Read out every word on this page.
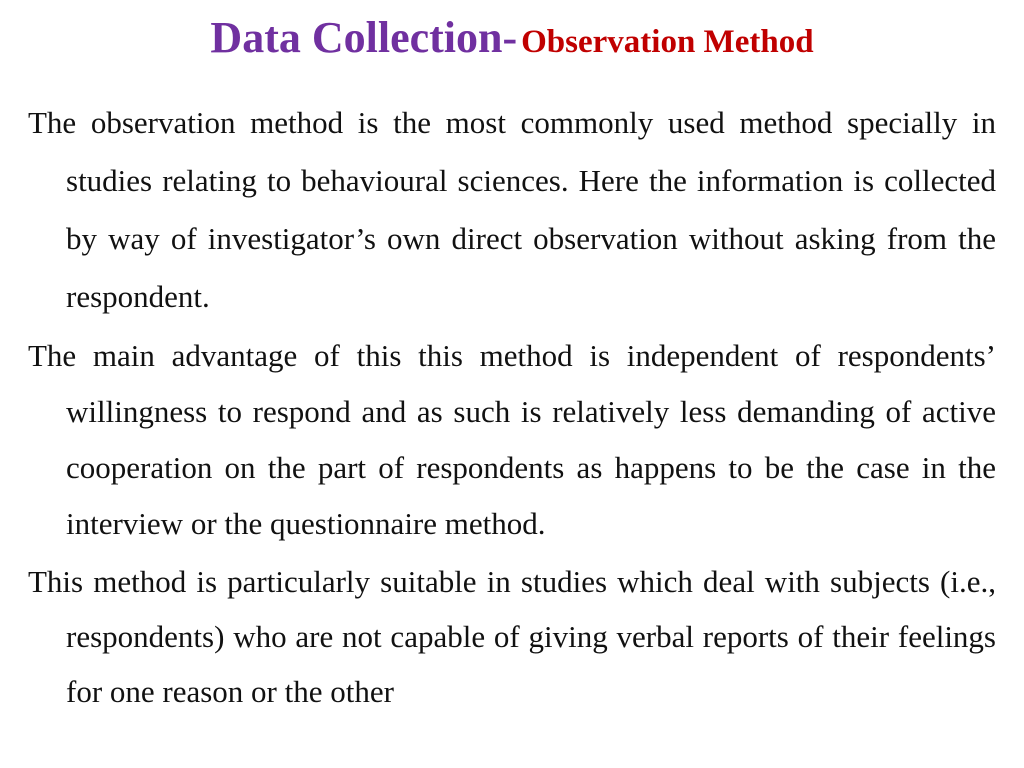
Data Collection- Observation Method

The observation method is the most commonly used method specially in studies relating to behavioural sciences. Here the information is collected by way of investigator’s own direct observation without asking from the respondent.

The main advantage of this this method is independent of respondents’ willingness to respond and as such is relatively less demanding of active cooperation on the part of respondents as happens to be the case in the interview or the questionnaire method.

This method is particularly suitable in studies which deal with subjects (i.e., respondents) who are not capable of giving verbal reports of their feelings for one reason or the other
